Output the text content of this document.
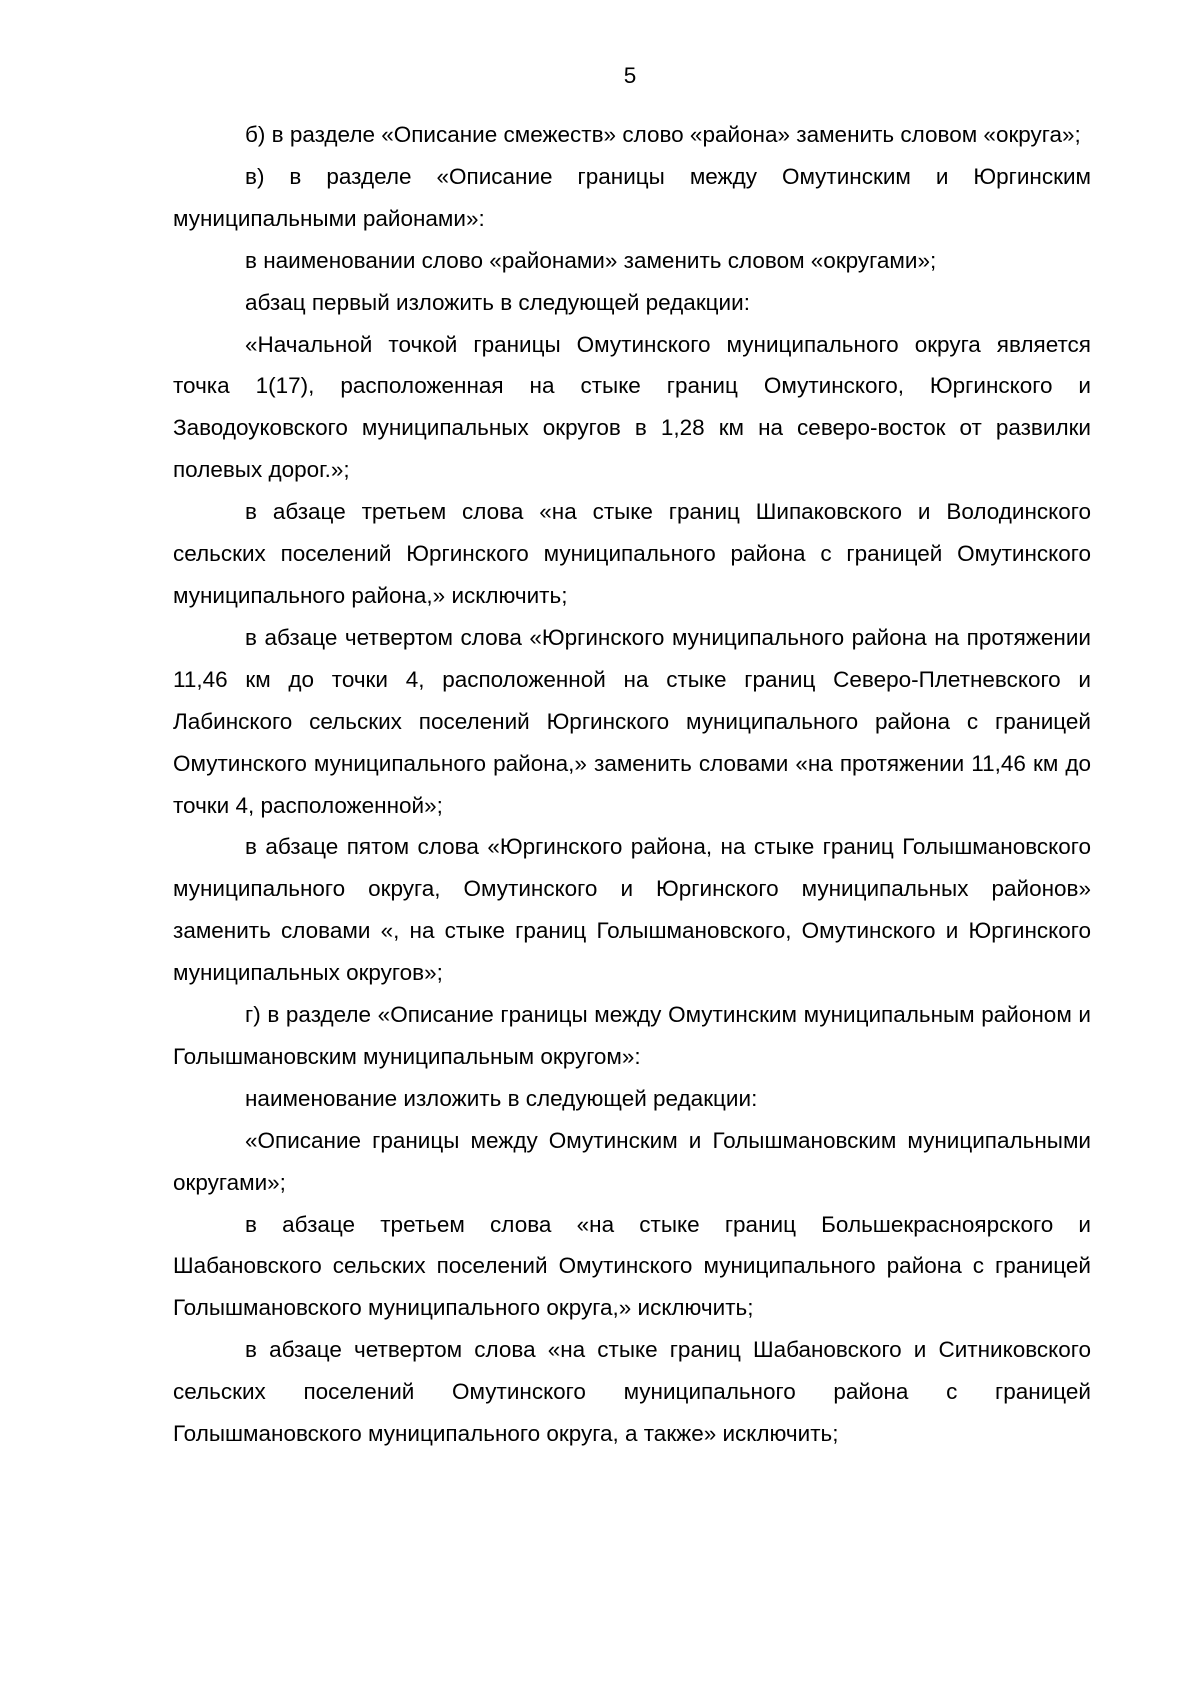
5

б) в разделе «Описание смежеств» слово «района» заменить словом «округа»;

в) в разделе «Описание границы между Омутинским и Юргинским муниципальными районами»:

в наименовании слово «районами» заменить словом «округами»;

абзац первый изложить в следующей редакции:

«Начальной точкой границы Омутинского муниципального округа является точка 1(17), расположенная на стыке границ Омутинского, Юргинского и Заводоуковского муниципальных округов в 1,28 км на северо-восток от развилки полевых дорог.»;

в абзаце третьем слова «на стыке границ Шипаковского и Володинского сельских поселений Юргинского муниципального района с границей Омутинского муниципального района,» исключить;

в абзаце четвертом слова «Юргинского муниципального района на протяжении 11,46 км до точки 4, расположенной на стыке границ Северо-Плетневского и Лабинского сельских поселений Юргинского муниципального района с границей Омутинского муниципального района,» заменить словами «на протяжении 11,46 км до точки 4, расположенной»;

в абзаце пятом слова «Юргинского района, на стыке границ Голышмановского муниципального округа, Омутинского и Юргинского муниципальных районов» заменить словами «, на стыке границ Голышмановского, Омутинского и Юргинского муниципальных округов»;

г) в разделе «Описание границы между Омутинским муниципальным районом и Голышмановским муниципальным округом»:

наименование изложить в следующей редакции:

«Описание границы между Омутинским и Голышмановским муниципальными округами»;

в абзаце третьем слова «на стыке границ Большекрасноярского и Шабановского сельских поселений Омутинского муниципального района с границей Голышмановского муниципального округа,» исключить;

в абзаце четвертом слова «на стыке границ Шабановского и Ситниковского сельских поселений Омутинского муниципального района с границей Голышмановского муниципального округа, а также» исключить;
